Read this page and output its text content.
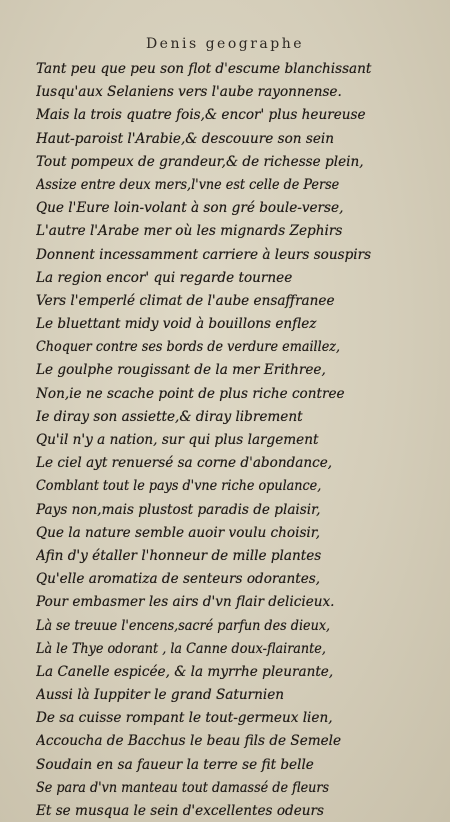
Denis geographe
Tant peu que peu son flot d'escume blanchissant
Iusqu'aux Selaniens vers l'aube rayonnense.
Mais la trois quatre fois,& encor' plus heureuse
Haut-paroist l'Arabie,& descouure son sein
Tout pompeux de grandeur,& de richesse plein,
Assize entre deux mers,l'vne est celle de Perse
Que l'Eure loin-volant à son gré boule-verse,
L'autre l'Arabe mer où les mignards Zephirs
Donnent incessamment carriere à leurs souspirs
La region encor' qui regarde tournee
Vers l'emperlé climat de l'aube ensaffranee
Le bluettant midy void à bouillons enflez
Choquer contre ses bords de verdure emaillez,
Le goulphe rougissant de la mer Erithree,
Non,ie ne scache point de plus riche contree
Ie diray son assiette,& diray librement
Qu'il n'y a nation, sur qui plus largement
Le ciel ayt renuersé sa corne d'abondance,
Comblant tout le pays d'vne riche opulance,
Pays non,mais plustost paradis de plaisir,
Que la nature semble auoir voulu choisir,
Afin d'y étaller l'honneur de mille plantes
Qu'elle aromatiza de senteurs odorantes,
Pour embasmer les airs d'vn flair delicieux.
Là se treuue l'encens,sacré parfun des dieux,
Là le Thye odorant , la Canne doux-flairante,
La Canelle espicée, & la myrrhe pleurante,
Aussi là Iuppiter le grand Saturnien
De sa cuisse rompant le tout-germeux lien,
Accoucha de Bacchus le beau fils de Semele
Soudain en sa faueur la terre se fit belle
Se para d'vn manteau tout damassé de fleurs
Et se musqua le sein d'excellentes odeurs
